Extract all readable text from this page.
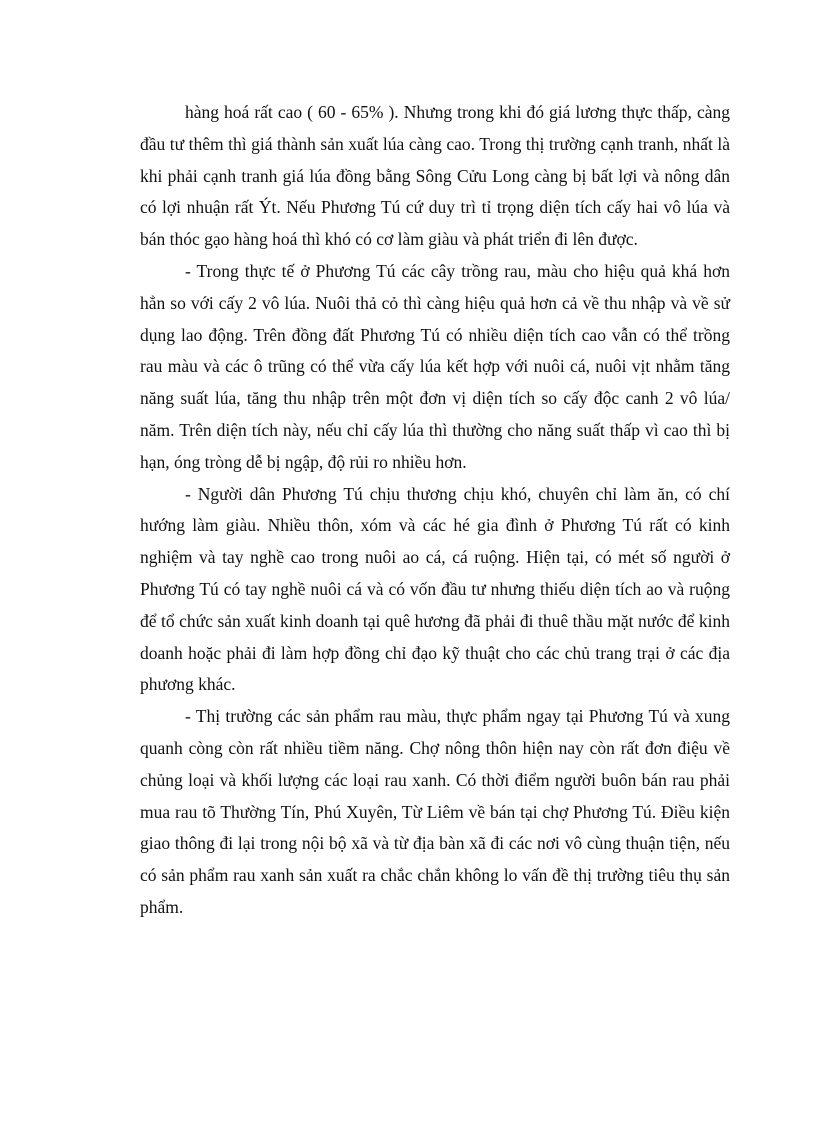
hàng hoá rất cao ( 60 - 65% ). Nhưng trong khi đó giá lương thực thấp, càng đầu tư thêm thì giá thành sản xuất lúa càng cao. Trong thị trường cạnh tranh, nhất là khi phải cạnh tranh giá lúa đồng bằng Sông Cửu Long càng bị bất lợi và nông dân có lợi nhuận rất Ýt. Nếu Phương Tú cứ duy trì tỉ trọng diện tích cấy hai vô lúa và bán thóc gạo hàng hoá thì khó có cơ làm giàu và phát triển đi lên được.

- Trong thực tế ở Phương Tú các cây trồng rau, màu cho hiệu quả khá hơn hẳn so với cấy 2 vô lúa. Nuôi thả cỏ thì càng hiệu quả hơn cả về thu nhập và về sử dụng lao động. Trên đồng đất Phương Tú có nhiều diện tích cao vẫn có thể trồng rau màu và các ô trũng có thể vừa cấy lúa kết hợp với nuôi cá, nuôi vịt nhằm tăng năng suất lúa, tăng thu nhập trên một đơn vị diện tích so cấy độc canh 2 vô lúa/ năm. Trên diện tích này, nếu chỉ cấy lúa thì thường cho năng suất thấp vì cao thì bị hạn, óng tròng dễ bị ngập, độ rủi ro nhiều hơn.

- Người dân Phương Tú chịu thương chịu khó, chuyên chỉ làm ăn, có chí hướng làm giàu. Nhiều thôn, xóm và các hé gia đình ở Phương Tú rất có kinh nghiệm và tay nghề cao trong nuôi ao cá, cá ruộng. Hiện tại, có mét số người ở Phương Tú có tay nghề nuôi cá và có vốn đầu tư nhưng thiếu diện tích ao và ruộng để tổ chức sản xuất kinh doanh tại quê hương đã phải đi thuê thầu mặt nước để kinh doanh hoặc phải đi làm hợp đồng chỉ đạo kỹ thuật cho các chủ trang trại ở các địa phương khác.

- Thị trường các sản phẩm rau màu, thực phẩm ngay tại Phương Tú và xung quanh còng còn rất nhiều tiềm năng. Chợ nông thôn hiện nay còn rất đơn điệu về chủng loại và khối lượng các loại rau xanh. Có thời điểm người buôn bán rau phải mua rau tõ Thường Tín, Phú Xuyên, Từ Liêm về bán tại chợ Phương Tú. Điều kiện giao thông đi lại trong nội bộ xã và từ địa bàn xã đi các nơi vô cùng thuận tiện, nếu có sản phẩm rau xanh sản xuất ra chắc chắn không lo vấn đề thị trường tiêu thụ sản phẩm.
